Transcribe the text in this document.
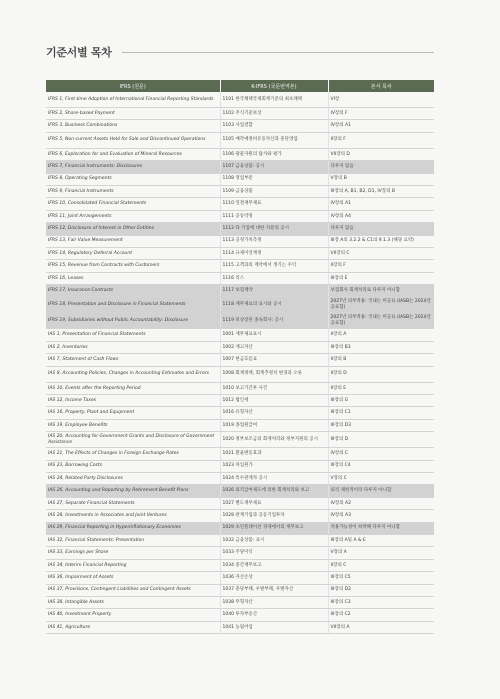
기준서별 목차
IFRS (원문)	K-IFRS (국문번역본)	본서 목차
IFRS 1, First-time Adoption of International Financial Reporting Standards	1101 한국채택국제회계기준의 최초채택	VI장
IFRS 2, Share-based Payment	1102 주식기준보상	IV장의 F
IFRS 3, Business Combinations	1103 사업결합	IV장의 A1
IFRS 5, Non-current Assets Held for Sale and Discontinued Operations	1105 매각예정비유동자산과 중단영업	II장의 F
IFRS 6, Exploration for and Evaluation of Mineral Resources	1106 광물자원의 탐사와 평가	VII장의 D
IFRS 7, Financial Instruments: Disclosures	1107 금융상품: 공시	다루지 않음
IFRS 8, Operating Segments	1108 영업부문	V장의 B
IFRS 9, Financial Instruments	1109 금융상품	III장의 A, B1, B2, D1, IV장의 B
IFRS 10, Consolidated Financial Statements	1110 연결재무제표	IV장의 A1
IFRS 11, Joint Arrangements	1111 공동약정	IV장의 A4
IFRS 12, Disclosure of Interest in Other Entities	1112 타 기업에 대한 지분의 공시	다루지 않음
IFRS 13, Fair Value Measurement	1113 공정가치측정	III장 A의 3.2.2 & C1의 9.1.3 (해당 요약)
IFRS 14, Regulatory Deferral Account	1114 규제이연계정	VII장의 C
IFRS 15, Revenue from Contracts with Customers	1115 고객과의 계약에서 생기는 수익	II장의 F
IFRS 16, Leases	1116 리스	III장의 E
IFRS 17, Insurance Contracts	1117 보험계약	보험회사 회계처리로 다루지 아니함
IFRS 18, Presentation and Disclosure in Financial Statements	1118 재무제표의 표시와 공시	2027년 의무적용: 국내는 미공표 (IASB는 2024년 공표함)
IFRS 19, Subsidiaries without Public Accountability: Disclosure	1119 비상장된 종속회사: 공시	2027년 의무적용: 국내는 미공표 (IASB는 2024년 공표함)
IAS 1, Presentation of Financial Statements	1001 재무제표표시	II장의 A
IAS 2, Inventories	1002 재고자산	III장의 B3
IAS 7, Statement of Cash Flows	1007 현금흐름표	II장의 B
IAS 8, Accounting Policies, Changes in Accounting Estimates and Errors	1008 회계정책, 회계추정치 변경과 오류	II장의 D
IAS 10, Events after the Reporting Period	1010 보고기간후 사건	II장의 E
IAS 12, Income Taxes	1012 법인세	III장의 G
IAS 16, Property, Plant and Equipment	1016 유형자산	III장의 C1
IAS 19, Employee Benefits	1019 종업원급여	III장의 D3
IAS 20, Accounting for Government Grants and Disclosure of Government Assistance	1020 정부보조금의 회계처리와 정부지원의 공시	III장의 D
IAS 21, The Effects of Changes in Foreign Exchange Rates	1021 환율변동효과	IV장의 C
IAS 23, Borrowing Costs	1023 차입원가	III장의 C4
IAS 24, Related Party Disclosures	1024 특수관계자 공시	V장의 C
IAS 26, Accounting and Reporting by Retirement Benefit Plans	1026 퇴직급여제도에 의한 회계처리와 보고	퇴직 제한적이라 다루지 아니함
IAS 27, Separate Financial Statements	1027 별도재무제표	IV장의 A2
IAS 28, Investments in Associates and Joint Ventures	1028 관계기업과 공동기업투자	IV장의 A3
IAS 29, Financial Reporting in Hyperinflationary Economies	1029 초인플레이션 경제에서의 재무보고	적용가능성이 희박해 다루지 아니함
IAS 32, Financial Statements: Presentation	1032 금융상품: 표시	III장의 A및 A & E
IAS 33, Earnings per Share	1033 주당이익	V장의 A
IAS 34, Interim Financial Reporting	1034 중간재무보고	II장의 C
IAS 36, Impairment of Assets	1036 자산손상	III장의 C5
IAS 37, Provisions, Contingent Liabilities and Contingent Assets	1037 충당부채, 우발부채, 우발자산	III장의 D2
IAS 38, Intangible Assets	1038 무형자산	III장의 C3
IAS 40, Investment Property	1040 투자부동산	III장의 C2
IAS 41, Agriculture	1041 농림어업	VII장의 A
